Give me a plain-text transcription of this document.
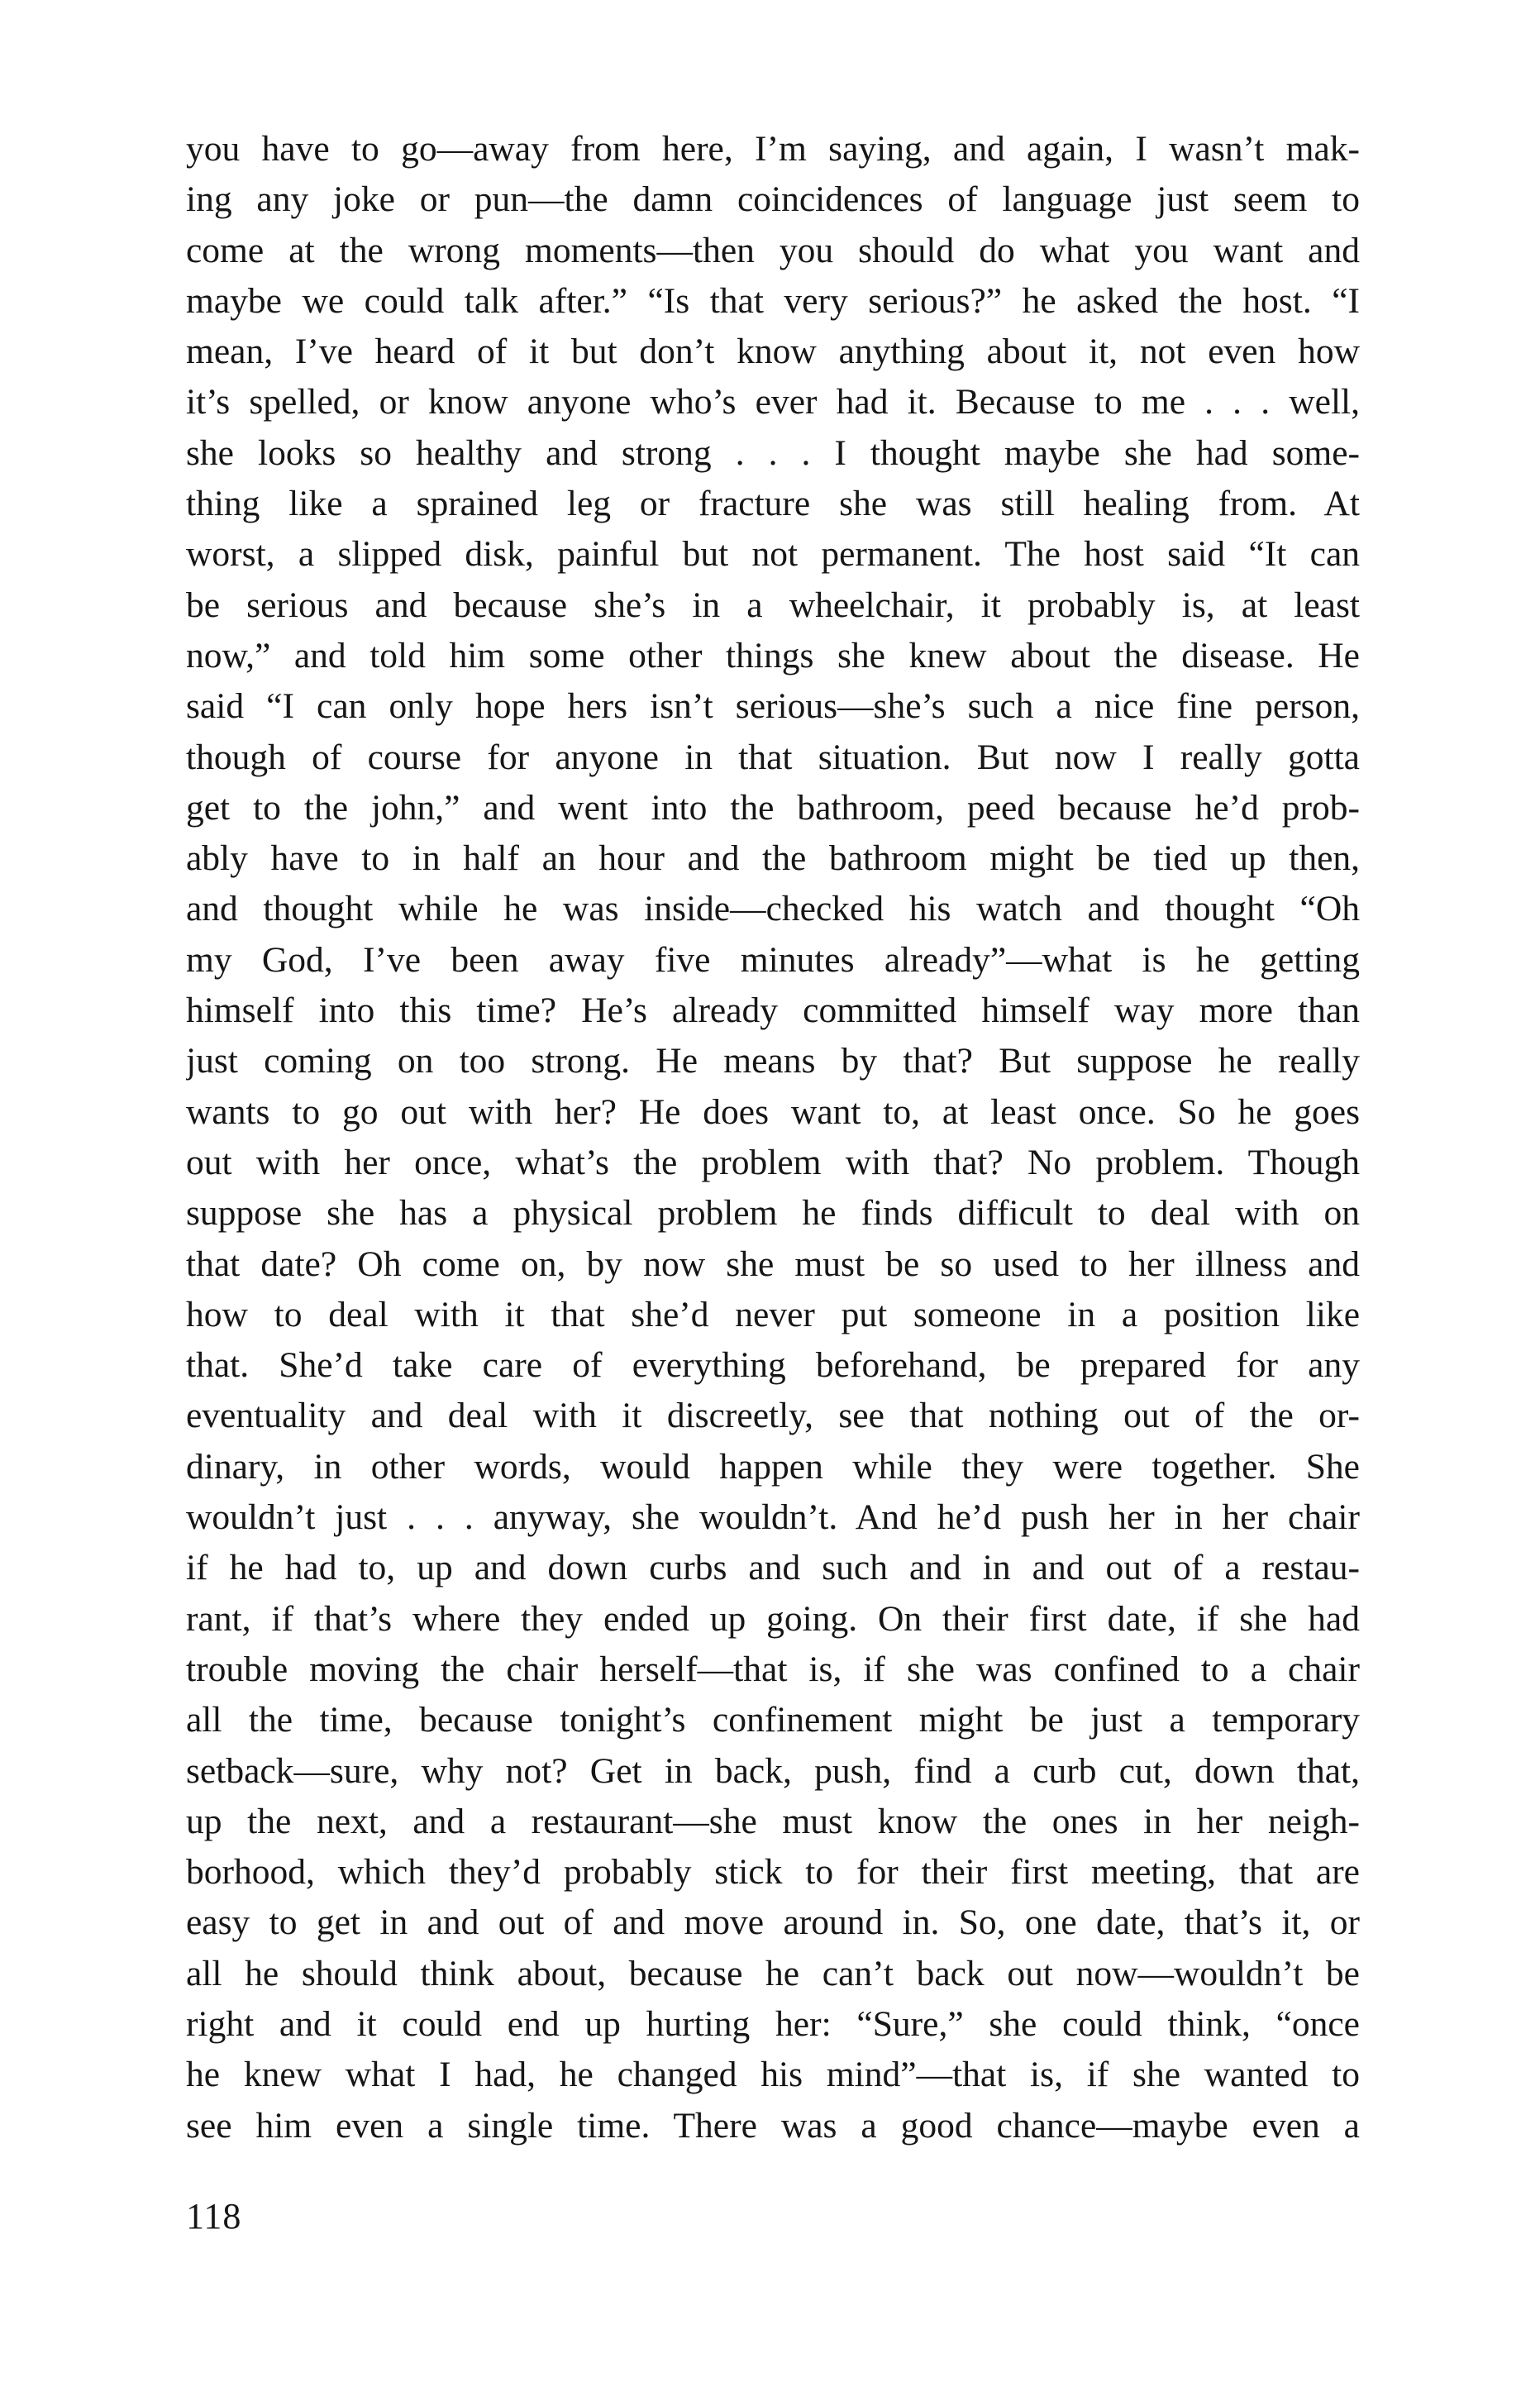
you have to go—away from here, I’m saying, and again, I wasn’t mak-
ing any joke or pun—the damn coincidences of language just seem to
come at the wrong moments—then you should do what you want and
maybe we could talk after.” “Is that very serious?” he asked the host. “I
mean, I’ve heard of it but don’t know anything about it, not even how
it’s spelled, or know anyone who’s ever had it. Because to me . . . well,
she looks so healthy and strong . . . I thought maybe she had some-
thing like a sprained leg or fracture she was still healing from. At
worst, a slipped disk, painful but not permanent. The host said “It can
be serious and because she’s in a wheelchair, it probably is, at least
now,” and told him some other things she knew about the disease. He
said “I can only hope hers isn’t serious—she’s such a nice fine person,
though of course for anyone in that situation. But now I really gotta
get to the john,” and went into the bathroom, peed because he’d prob-
ably have to in half an hour and the bathroom might be tied up then,
and thought while he was inside—checked his watch and thought “Oh
my God, I’ve been away five minutes already”—what is he getting
himself into this time? He’s already committed himself way more than
just coming on too strong. He means by that? But suppose he really
wants to go out with her? He does want to, at least once. So he goes
out with her once, what’s the problem with that? No problem. Though
suppose she has a physical problem he finds difficult to deal with on
that date? Oh come on, by now she must be so used to her illness and
how to deal with it that she’d never put someone in a position like
that. She’d take care of everything beforehand, be prepared for any
eventuality and deal with it discreetly, see that nothing out of the or-
dinary, in other words, would happen while they were together. She
wouldn’t just . . . anyway, she wouldn’t. And he’d push her in her chair
if he had to, up and down curbs and such and in and out of a restau-
rant, if that’s where they ended up going. On their first date, if she had
trouble moving the chair herself—that is, if she was confined to a chair
all the time, because tonight’s confinement might be just a temporary
setback—sure, why not? Get in back, push, find a curb cut, down that,
up the next, and a restaurant—she must know the ones in her neigh-
borhood, which they’d probably stick to for their first meeting, that are
easy to get in and out of and move around in. So, one date, that’s it, or
all he should think about, because he can’t back out now—wouldn’t be
right and it could end up hurting her: “Sure,” she could think, “once
he knew what I had, he changed his mind”—that is, if she wanted to
see him even a single time. There was a good chance—maybe even a
118
